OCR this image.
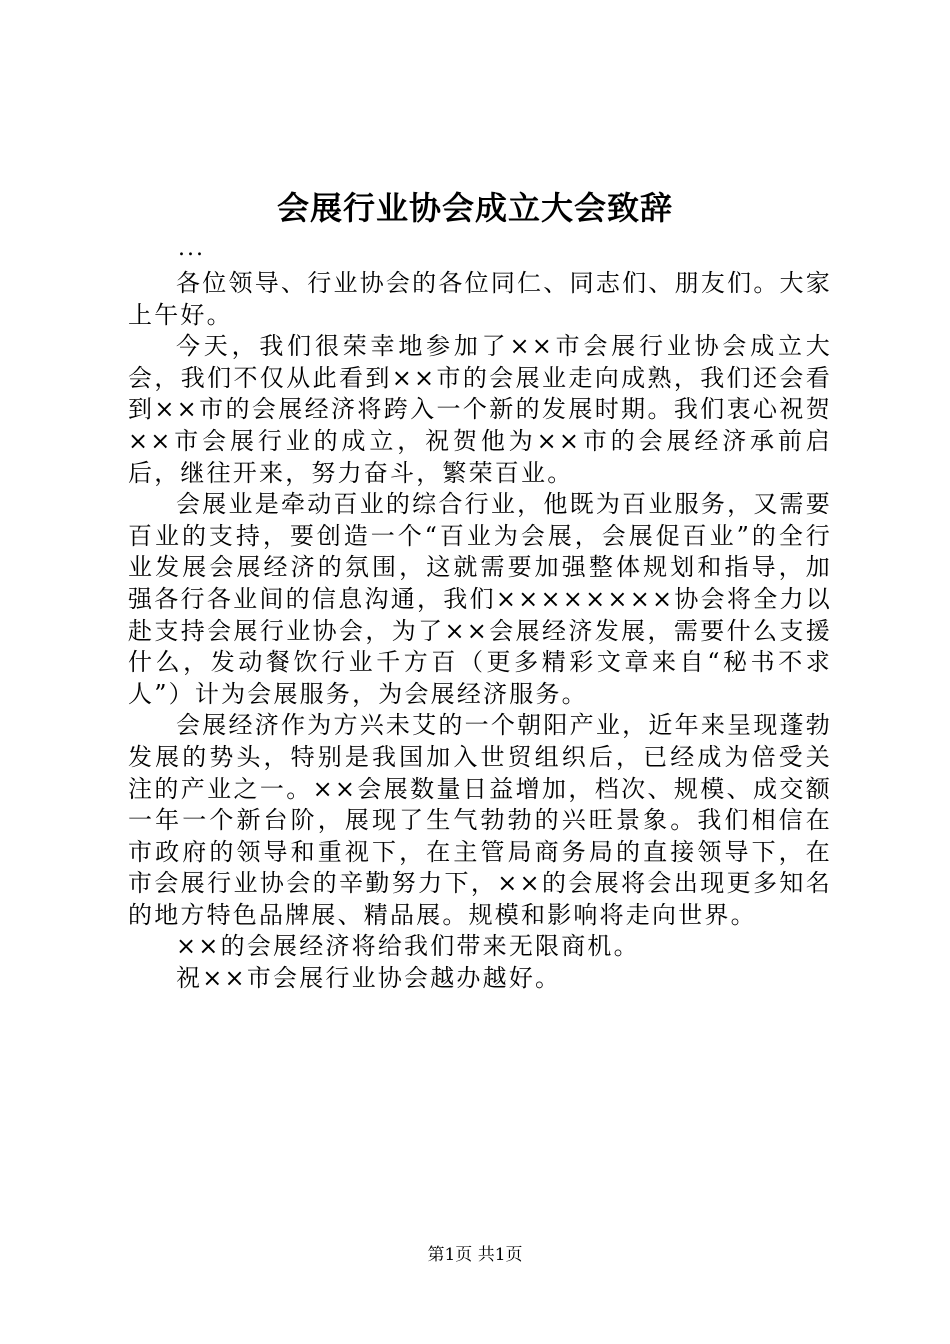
会展行业协会成立大会致辞
...

各位领导、行业协会的各位同仁、同志们、朋友们。大家上午好。

今天，我们很荣幸地参加了××市会展行业协会成立大会，我们不仅从此看到××市的会展业走向成熟，我们还会看到××市的会展经济将跨入一个新的发展时期。我们衷心祝贺××市会展行业的成立，祝贺他为××市的会展经济承前启后，继往开来，努力奋斗，繁荣百业。

会展业是牵动百业的综合行业，他既为百业服务，又需要百业的支持，要创造一个“百业为会展，会展促百业”的全行业发展会展经济的氛围，这就需要加强整体规划和指导，加强各行各业间的信息沟通，我们××××××××协会将全力以赴支持会展行业协会，为了××会展经济发展，需要什么支援什么，发动餐饮行业千方百（更多精彩文章来自“秘书不求人”）计为会展服务，为会展经济服务。

会展经济作为方兴未艾的一个朝阳产业，近年来呈现蓬勃发展的势头，特别是我国加入世贸组织后，已经成为倍受关注的产业之一。××会展数量日益增加，档次、规模、成交额一年一个新台阶，展现了生气勃勃的兴旺景象。我们相信在市政府的领导和重视下，在主管局商务局的直接领导下，在市会展行业协会的辛勤努力下，××的会展将会出现更多知名的地方特色品牌展、精品展。规模和影响将走向世界。

××的会展经济将给我们带来无限商机。

祝××市会展行业协会越办越好。

第1页 共1页
